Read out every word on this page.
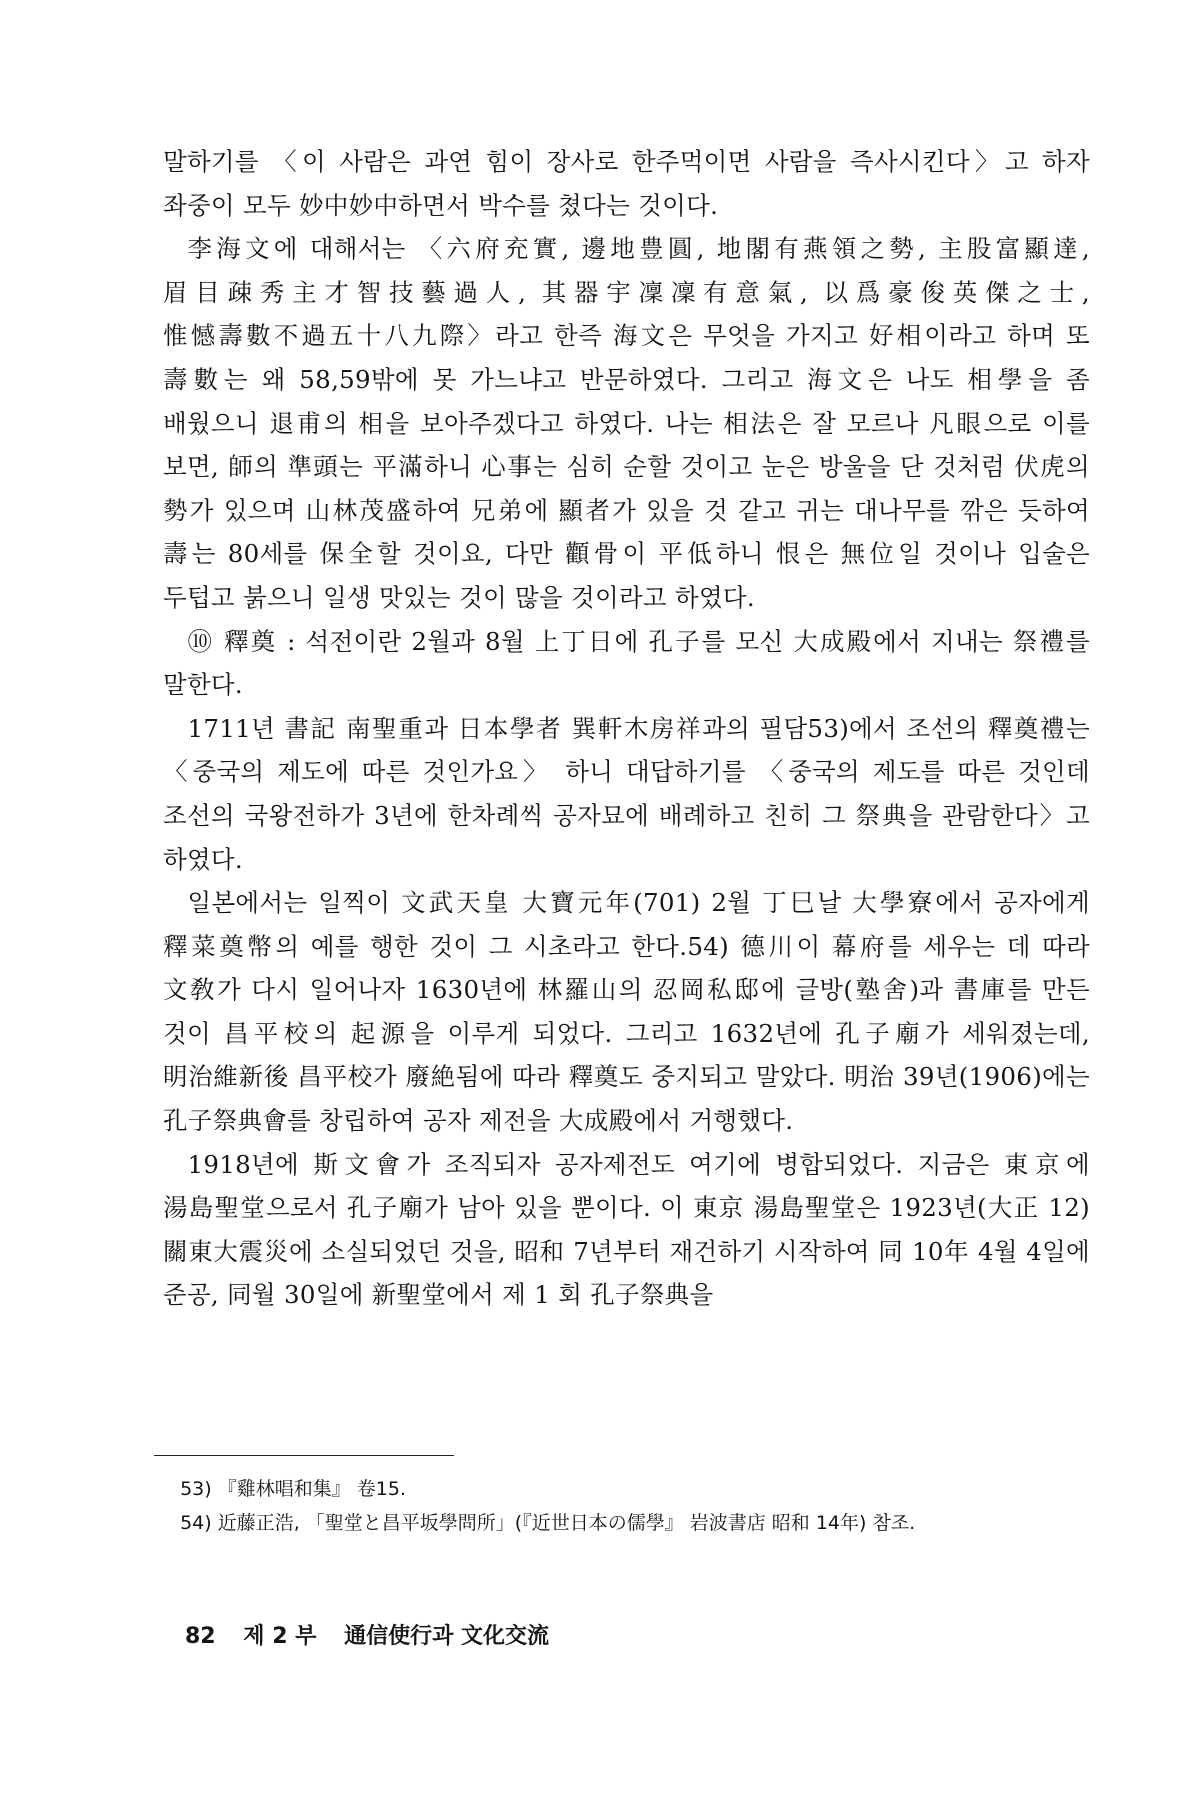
말하기를 〈이 사람은 과연 힘이 장사로 한주먹이면 사람을 즉사시킨다〉고 하자 좌중이 모두 妙中妙中하면서 박수를 쳤다는 것이다.

李海文에 대해서는 〈六府充實, 邊地豊圓, 地閣有燕領之勢, 主股富顯達, 眉目疎秀主才智技藝過人, 其器宇凜凜有意氣, 以爲豪俊英傑之士, 惟憾壽數不過五十八九際〉라고 한즉 海文은 무엇을 가지고 好相이라고 하며 또 壽數는 왜 58,59밖에 못 가느냐고 반문하였다. 그리고 海文은 나도 相學을 좀 배웠으니 退甫의 相을 보아주겠다고 하였다. 나는 相法은 잘 모르나 凡眼으로 이를 보면, 師의 準頭는 平滿하니 心事는 심히 순할 것이고 눈은 방울을 단 것처럼 伏虎의 勢가 있으며 山林茂盛하여 兄弟에 顯者가 있을 것 같고 귀는 대나무를 깎은 듯하여 壽는 80세를 保全할 것이요, 다만 顴骨이 平低하니 恨은 無位일 것이나 입술은 두텁고 붉으니 일생 맛있는 것이 많을 것이라고 하였다.

⑩ 釋奠 : 석전이란 2월과 8월 上丁日에 孔子를 모신 大成殿에서 지내는 祭禮를 말한다.

1711년 書記 南聖重과 日本學者 巽軒木房祥과의 필담53)에서 조선의 釋奠禮는 〈중국의 제도에 따른 것인가요〉 하니 대답하기를 〈중국의 제도를 따른 것인데 조선의 국왕전하가 3년에 한차례씩 공자묘에 배례하고 친히 그 祭典을 관람한다〉고 하였다.

일본에서는 일찍이 文武天皇 大寶元年(701) 2월 丁巳날 大學寮에서 공자에게 釋菜奠幣의 예를 행한 것이 그 시초라고 한다.54) 德川이 幕府를 세우는 데 따라 文敎가 다시 일어나자 1630년에 林羅山의 忍岡私邸에 글방(塾舍)과 書庫를 만든 것이 昌平校의 起源을 이루게 되었다. 그리고 1632년에 孔子廟가 세워졌는데, 明治維新後 昌平校가 廢絶됨에 따라 釋奠도 중지되고 말았다. 明治 39년(1906)에는 孔子祭典會를 창립하여 공자 제전을 大成殿에서 거행했다.

1918년에 斯文會가 조직되자 공자제전도 여기에 병합되었다. 지금은 東京에 湯島聖堂으로서 孔子廟가 남아 있을 뿐이다. 이 東京 湯島聖堂은 1923년(大正 12) 關東大震災에 소실되었던 것을, 昭和 7년부터 재건하기 시작하여 同 10年 4월 4일에 준공, 同월 30일에 新聖堂에서 제 1 회 孔子祭典을

53) 『雞林唱和集』 卷15.

54) 近藤正浩, 「聖堂と昌平坂學問所」(『近世日本の儒學』 岩波書店 昭和 14年) 참조.

82 제 2 부 通信使行과 文化交流
